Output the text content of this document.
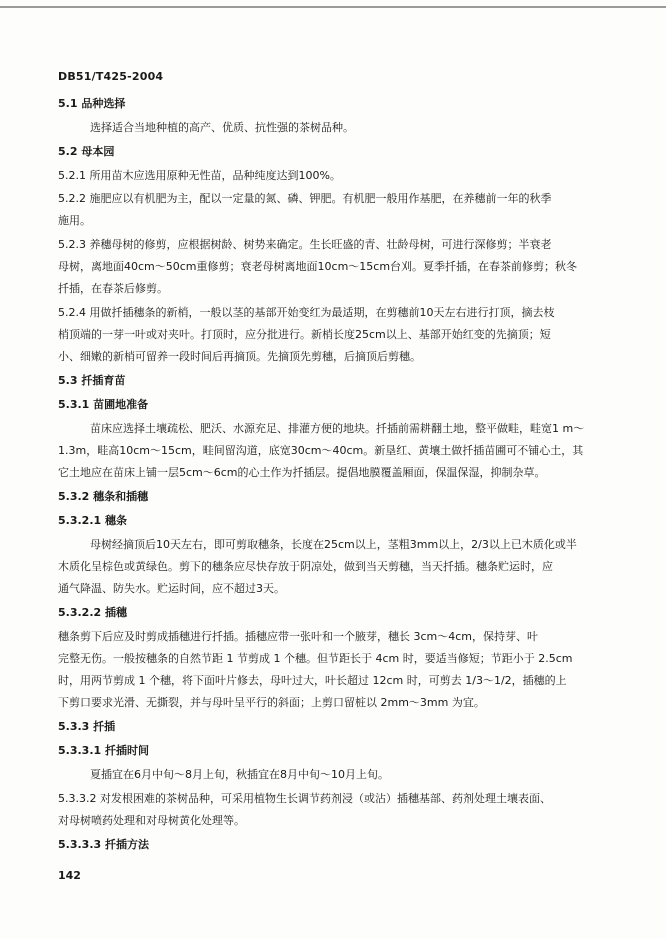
DB51/T425-2004
5.1 品种选择
选择适合当地种植的高产、优质、抗性强的茶树品种。
5.2 母本园
5.2.1 所用苗木应选用原种无性苗，品种纯度达到100%。
5.2.2 施肥应以有机肥为主，配以一定量的氮、磷、钾肥。有机肥一般用作基肥，在养穗前一年的秋季
施用。
5.2.3 养穗母树的修剪，应根据树龄、树势来确定。生长旺盛的青、壮龄母树，可进行深修剪；半衰老
母树，离地面40cm～50cm重修剪；衰老母树离地面10cm～15cm台刈。夏季扦插，在春茶前修剪；秋冬
扦插，在春茶后修剪。
5.2.4 用做扦插穗条的新梢，一般以茎的基部开始变红为最适期，在剪穗前10天左右进行打顶，摘去枝
梢顶端的一芽一叶或对夹叶。打顶时，应分批进行。新梢长度25cm以上、基部开始红变的先摘顶；短
小、细嫩的新梢可留养一段时间后再摘顶。先摘顶先剪穗，后摘顶后剪穗。
5.3 扦插育苗
5.3.1 苗圃地准备
苗床应选择土壤疏松、肥沃、水源充足、排灌方便的地块。扦插前需耕翻土地，整平做畦，畦宽1 m～
1.3m，畦高10cm～15cm，畦间留沟道，底宽30cm～40cm。新垦红、黄壤土做扦插苗圃可不铺心土，其
它土地应在苗床上铺一层5cm～6cm的心土作为扦插层。提倡地膜覆盖厢面，保温保湿，抑制杂草。
5.3.2 穗条和插穗
5.3.2.1 穗条
母树经摘顶后10天左右，即可剪取穗条，长度在25cm以上，茎粗3mm以上，2/3以上已木质化或半
木质化呈棕色或黄绿色。剪下的穗条应尽快存放于阴凉处，做到当天剪穗，当天扦插。穗条贮运时，应
通气降温、防失水。贮运时间，应不超过3天。
5.3.2.2 插穗
穗条剪下后应及时剪成插穗进行扦插。插穗应带一张叶和一个腋芽，穗长 3cm～4cm，保持芽、叶
完整无伤。一般按穗条的自然节距 1 节剪成 1 个穗。但节距长于 4cm 时，要适当修短；节距小于 2.5cm
时，用两节剪成 1 个穗，将下面叶片修去，母叶过大，叶长超过 12cm 时，可剪去 1/3～1/2，插穗的上
下剪口要求光滑、无撕裂，并与母叶呈平行的斜面；上剪口留桩以 2mm～3mm 为宜。
5.3.3 扦插
5.3.3.1 扦插时间
夏插宜在6月中旬～8月上旬，秋插宜在8月中旬～10月上旬。
5.3.3.2 对发根困难的茶树品种，可采用植物生长调节药剂浸（或沾）插穗基部、药剂处理土壤表面、
对母树喷药处理和对母树黄化处理等。
5.3.3.3 扦插方法
142
